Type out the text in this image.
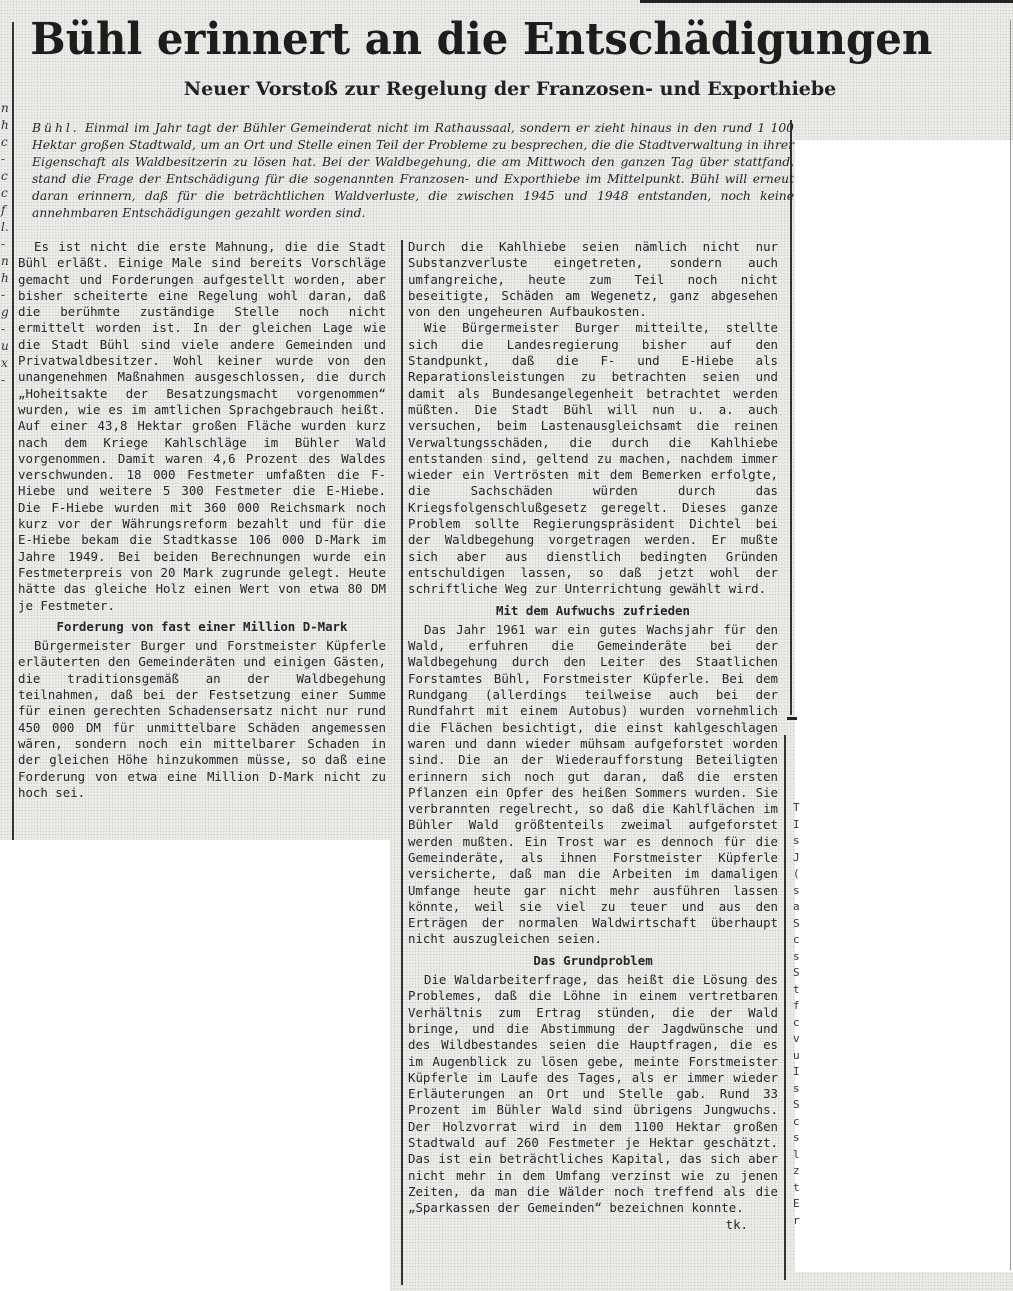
n
h
c
-
c
c
f
l.
-
n
h
-
g
-
u
x
-
T
I
s
J
(
s
a
S
c
s
S
t
f
c
v
u
I
s
S
c
s
l
z
t
E
r
Bühl erinnert an die Entschädigungen
Neuer Vorstoß zur Regelung der Franzosen- und Exporthiebe
Bühl. Einmal im Jahr tagt der Bühler Gemeinderat nicht im Rathaussaal, sondern er zieht hinaus in den rund 1 100 Hektar großen Stadtwald, um an Ort und Stelle einen Teil der Probleme zu besprechen, die die Stadtverwaltung in ihrer Eigenschaft als Waldbesitzerin zu lösen hat. Bei der Waldbegehung, die am Mittwoch den ganzen Tag über stattfand, stand die Frage der Entschädigung für die sogenannten Franzosen- und Exporthiebe im Mittelpunkt. Bühl will erneut daran erinnern, daß für die beträchtlichen Waldverluste, die zwischen 1945 und 1948 entstanden, noch keine annehmbaren Entschädigungen gezahlt worden sind.

Es ist nicht die erste Mahnung, die die Stadt Bühl erläßt. Einige Male sind bereits Vorschläge gemacht und Forderungen aufgestellt worden, aber bisher scheiterte eine Regelung wohl daran, daß die berühmte zuständige Stelle noch nicht ermittelt worden ist. In der gleichen Lage wie die Stadt Bühl sind viele andere Gemeinden und Privatwaldbesitzer. Wohl keiner wurde von den unangenehmen Maßnahmen ausgeschlossen, die durch „Hoheitsakte der Besatzungsmacht vorgenommen“ wurden, wie es im amtlichen Sprachgebrauch heißt. Auf einer 43,8 Hektar großen Fläche wurden kurz nach dem Kriege Kahlschläge im Bühler Wald vorgenommen. Damit waren 4,6 Prozent des Waldes verschwunden. 18 000 Festmeter umfaßten die F-Hiebe und weitere 5 300 Festmeter die E-Hiebe. Die F-Hiebe wurden mit 360 000 Reichsmark noch kurz vor der Währungsreform bezahlt und für die E-Hiebe bekam die Stadtkasse 106 000 D-Mark im Jahre 1949. Bei beiden Berechnungen wurde ein Festmeterpreis von 20 Mark zugrunde gelegt. Heute hätte das gleiche Holz einen Wert von etwa 80 DM je Festmeter.

Forderung von fast einer Million D-Mark

Bürgermeister Burger und Forstmeister Küpferle erläuterten den Gemeinderäten und einigen Gästen, die traditionsgemäß an der Waldbegehung teilnahmen, daß bei der Festsetzung einer Summe für einen gerechten Schadensersatz nicht nur rund 450 000 DM für unmittelbare Schäden angemessen wären, sondern noch ein mittelbarer Schaden in der gleichen Höhe hinzukommen müsse, so daß eine Forderung von etwa eine Million D-Mark nicht zu hoch sei.

Durch die Kahlhiebe seien nämlich nicht nur Substanzverluste eingetreten, sondern auch umfangreiche, heute zum Teil noch nicht beseitigte, Schäden am Wegenetz, ganz abgesehen von den ungeheuren Aufbaukosten.

Wie Bürgermeister Burger mitteilte, stellte sich die Landesregierung bisher auf den Standpunkt, daß die F- und E-Hiebe als Reparationsleistungen zu betrachten seien und damit als Bundesangelegenheit betrachtet werden müßten. Die Stadt Bühl will nun u. a. auch versuchen, beim Lastenausgleichsamt die reinen Verwaltungsschäden, die durch die Kahlhiebe entstanden sind, geltend zu machen, nachdem immer wieder ein Vertrösten mit dem Bemerken erfolgte, die Sachschäden würden durch das Kriegsfolgenschlußgesetz geregelt. Dieses ganze Problem sollte Regierungspräsident Dichtel bei der Waldbegehung vorgetragen werden. Er mußte sich aber aus dienstlich bedingten Gründen entschuldigen lassen, so daß jetzt wohl der schriftliche Weg zur Unterrichtung gewählt wird.

Mit dem Aufwuchs zufrieden

Das Jahr 1961 war ein gutes Wachsjahr für den Wald, erfuhren die Gemeinderäte bei der Waldbegehung durch den Leiter des Staatlichen Forstamtes Bühl, Forstmeister Küpferle. Bei dem Rundgang (allerdings teilweise auch bei der Rundfahrt mit einem Autobus) wurden vornehmlich die Flächen besichtigt, die einst kahlgeschlagen waren und dann wieder mühsam aufgeforstet worden sind. Die an der Wiederaufforstung Beteiligten erinnern sich noch gut daran, daß die ersten Pflanzen ein Opfer des heißen Sommers wurden. Sie verbrannten regelrecht, so daß die Kahlflächen im Bühler Wald größtenteils zweimal aufgeforstet werden mußten. Ein Trost war es dennoch für die Gemeinderäte, als ihnen Forstmeister Küpferle versicherte, daß man die Arbeiten im damaligen Umfange heute gar nicht mehr ausführen lassen könnte, weil sie viel zu teuer und aus den Erträgen der normalen Waldwirtschaft überhaupt nicht auszugleichen seien.

Das Grundproblem

Die Waldarbeiterfrage, das heißt die Lösung des Problemes, daß die Löhne in einem vertretbaren Verhältnis zum Ertrag stünden, die der Wald bringe, und die Abstimmung der Jagdwünsche und des Wildbestandes seien die Hauptfragen, die es im Augenblick zu lösen gebe, meinte Forstmeister Küpferle im Laufe des Tages, als er immer wieder Erläuterungen an Ort und Stelle gab. Rund 33 Prozent im Bühler Wald sind übrigens Jungwuchs. Der Holzvorrat wird in dem 1100 Hektar großen Stadtwald auf 260 Festmeter je Hektar geschätzt. Das ist ein beträchtliches Kapital, das sich aber nicht mehr in dem Umfang verzinst wie zu jenen Zeiten, da man die Wälder noch treffend als die „Sparkassen der Gemeinden“ bezeichnen konnte.
tk.
